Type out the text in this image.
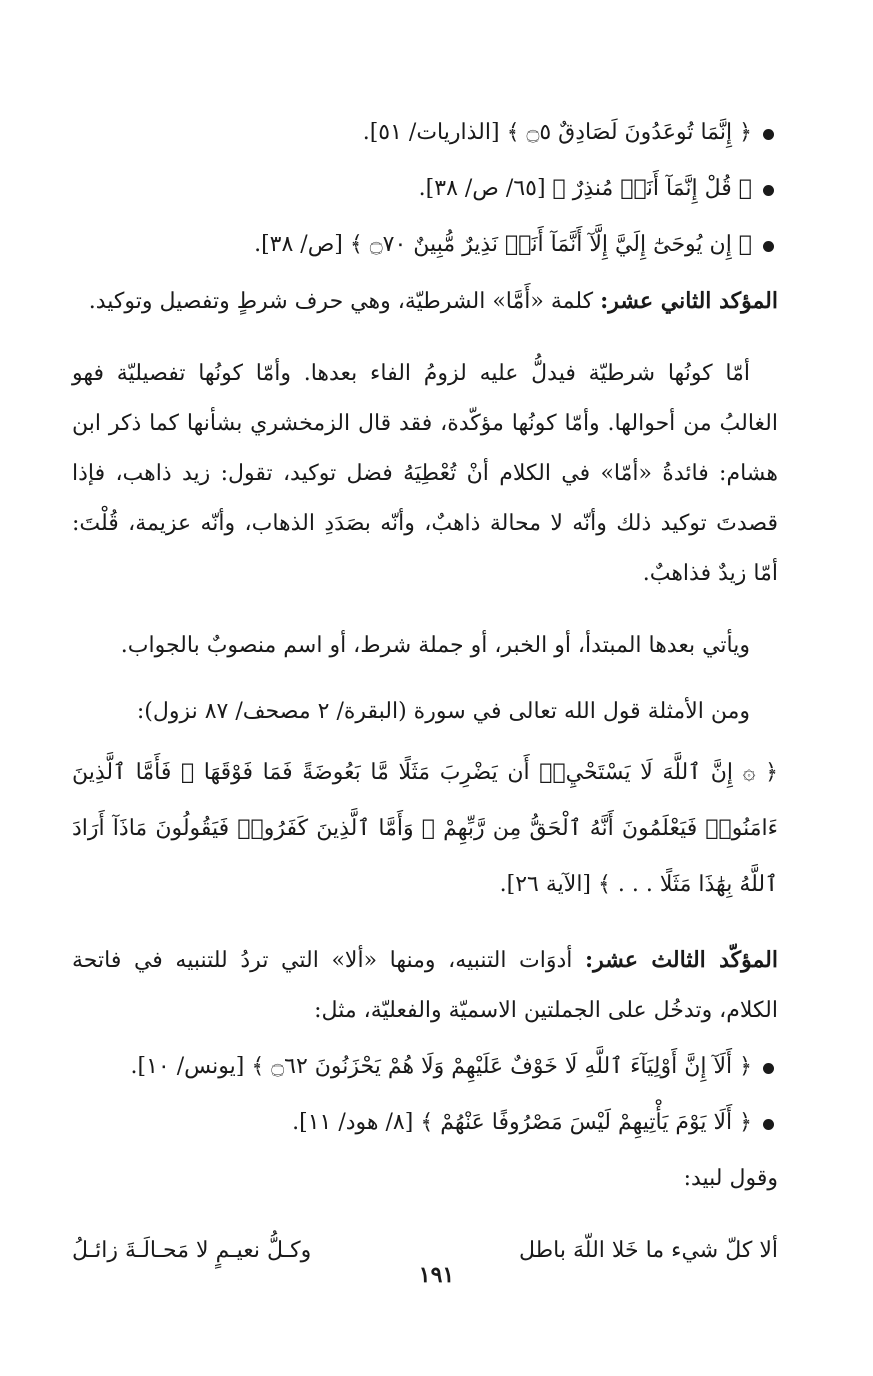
﴿ إِنَّمَا تُوعَدُونَ لَصَادِقٌ ۝٥ ﴾ [الذاريات/ ٥١].
﴿ قُلْ إِنَّمَآ أَنَا۠ مُنذِرٌ ﴾ [٦٥/ ص/ ٣٨].
﴿ إِن يُوحَىٰٓ إِلَيَّ إِلَّآ أَنَّمَآ أَنَا۠ نَذِيرٌ مُّبِينٌ ۝٧٠ ﴾ [ص/ ٣٨].

المؤكد الثاني عشر: كلمة «أَمَّا» الشرطيّة، وهي حرف شرطٍ وتفصيل وتوكيد.

أمّا كونُها شرطيّة فيدلُّ عليه لزومُ الفاء بعدها. وأمّا كونُها تفصيليّة فهو الغالبُ من أحوالها. وأمّا كونُها مؤكّدة، فقد قال الزمخشري بشأنها كما ذكر ابن هشام: فائدةُ «أمّا» في الكلام أنْ تُعْطِيَهُ فضل توكيد، تقول: زيد ذاهب، فإذا قصدتَ توكيد ذلك وأنّه لا محالة ذاهبٌ، وأنّه بصَدَدِ الذهاب، وأنّه عزيمة، قُلْتَ: أمّا زيدٌ فذاهبٌ.

ويأتي بعدها المبتدأ، أو الخبر، أو جملة شرط، أو اسم منصوبٌ بالجواب.

ومن الأمثلة قول الله تعالى في سورة (البقرة/ ٢ مصحف/ ٨٧ نزول):

﴿ ۞ إِنَّ ٱللَّهَ لَا يَسْتَحْيِۦٓ أَن يَضْرِبَ مَثَلًا مَّا بَعُوضَةً فَمَا فَوْقَهَا ۚ فَأَمَّا ٱلَّذِينَ ءَامَنُوا۟ فَيَعْلَمُونَ أَنَّهُ ٱلْحَقُّ مِن رَّبِّهِمْ ۖ وَأَمَّا ٱلَّذِينَ كَفَرُوا۟ فَيَقُولُونَ مَاذَآ أَرَادَ ٱللَّهُ بِهَٰذَا مَثَلًا . . . ﴾ [الآية ٢٦].

المؤكّد الثالث عشر: أدوَات التنبيه، ومنها «ألا» التي تردُ للتنبيه في فاتحة الكلام، وتدخُل على الجملتين الاسميّة والفعليّة، مثل:

﴿ أَلَآ إِنَّ أَوْلِيَآءَ ٱللَّهِ لَا خَوْفٌ عَلَيْهِمْ وَلَا هُمْ يَحْزَنُونَ ۝٦٢ ﴾ [يونس/ ١٠].
﴿ أَلَا يَوْمَ يَأْتِيهِمْ لَيْسَ مَصْرُوفًا عَنْهُمْ ﴾ [٨/ هود/ ١١].

وقول لبيد:

ألا كلّ شيء ما خَلا اللّهَ باطل
وكـلُّ نعيـمٍ لا مَحـالَـةَ زائـلُ
١٩١
